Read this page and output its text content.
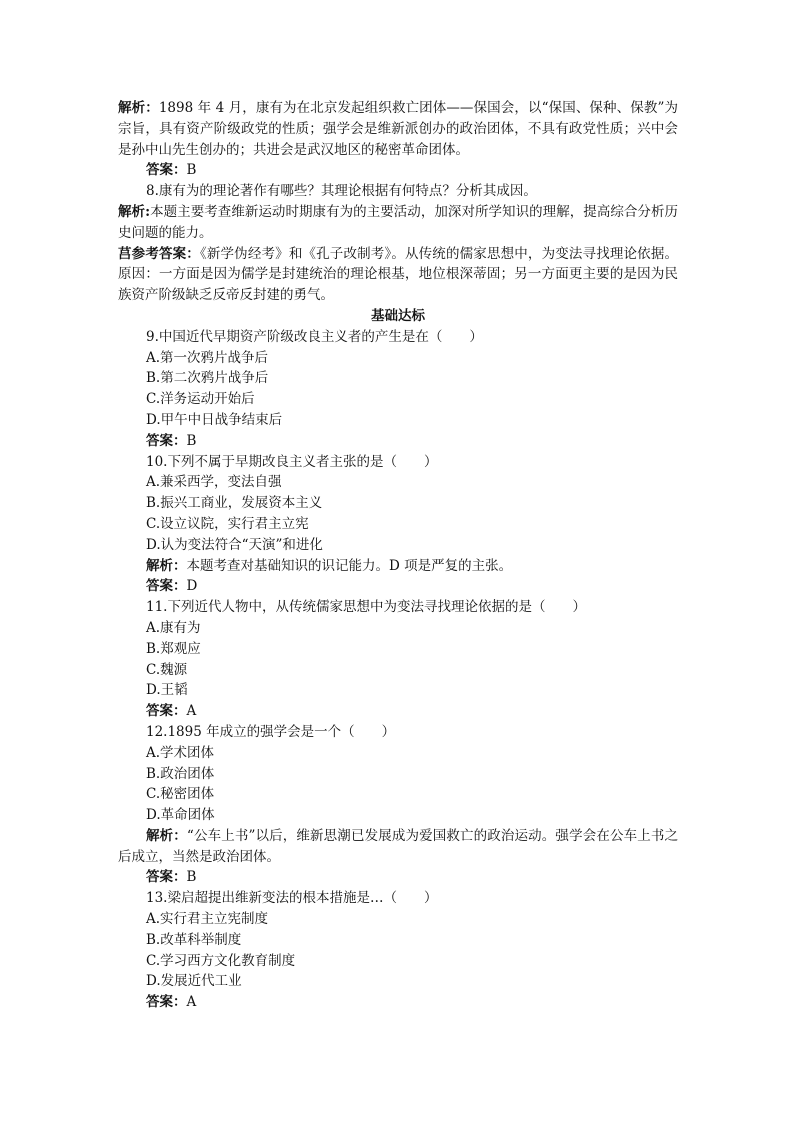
解析：1898 年 4 月，康有为在北京发起组织救亡团体——保国会，以“保国、保种、保教”为宗旨，具有资产阶级政党的性质；强学会是维新派创办的政治团体，不具有政党性质；兴中会是孙中山先生创办的；共进会是武汉地区的秘密革命团体。
答案：B
8.康有为的理论著作有哪些？其理论根据有何特点？分析其成因。
解析:本题主要考查维新运动时期康有为的主要活动，加深对所学知识的理解，提高综合分析历史问题的能力。
莒参考答案：《新学伪经考》和《孔子改制考》。从传统的儒家思想中，为变法寻找理论依据。原因：一方面是因为儒学是封建统治的理论根基，地位根深蒂固；另一方面更主要的是因为民族资产阶级缺乏反帝反封建的勇气。
基础达标
9.中国近代早期资产阶级改良主义者的产生是在（　　）
A.第一次鸦片战争后
B.第二次鸦片战争后
C.洋务运动开始后
D.甲午中日战争结束后
答案：B
10.下列不属于早期改良主义者主张的是（　　）
A.兼采西学，变法自强
B.振兴工商业，发展资本主义
C.设立议院，实行君主立宪
D.认为变法符合“天演”和进化
解析：本题考查对基础知识的识记能力。D 项是严复的主张。
答案：D
11.下列近代人物中，从传统儒家思想中为变法寻找理论依据的是（　　）
A.康有为
B.郑观应
C.魏源
D.王韬
答案：A
12.1895 年成立的强学会是一个（　　）
A.学术团体
B.政治团体
C.秘密团体
D.革命团体
解析：“公车上书”以后，维新思潮已发展成为爱国救亡的政治运动。强学会在公车上书之后成立，当然是政治团体。
答案：B
13.梁启超提出维新变法的根本措施是…（　　）
A.实行君主立宪制度
B.改革科举制度
C.学习西方文化教育制度
D.发展近代工业
答案：A
